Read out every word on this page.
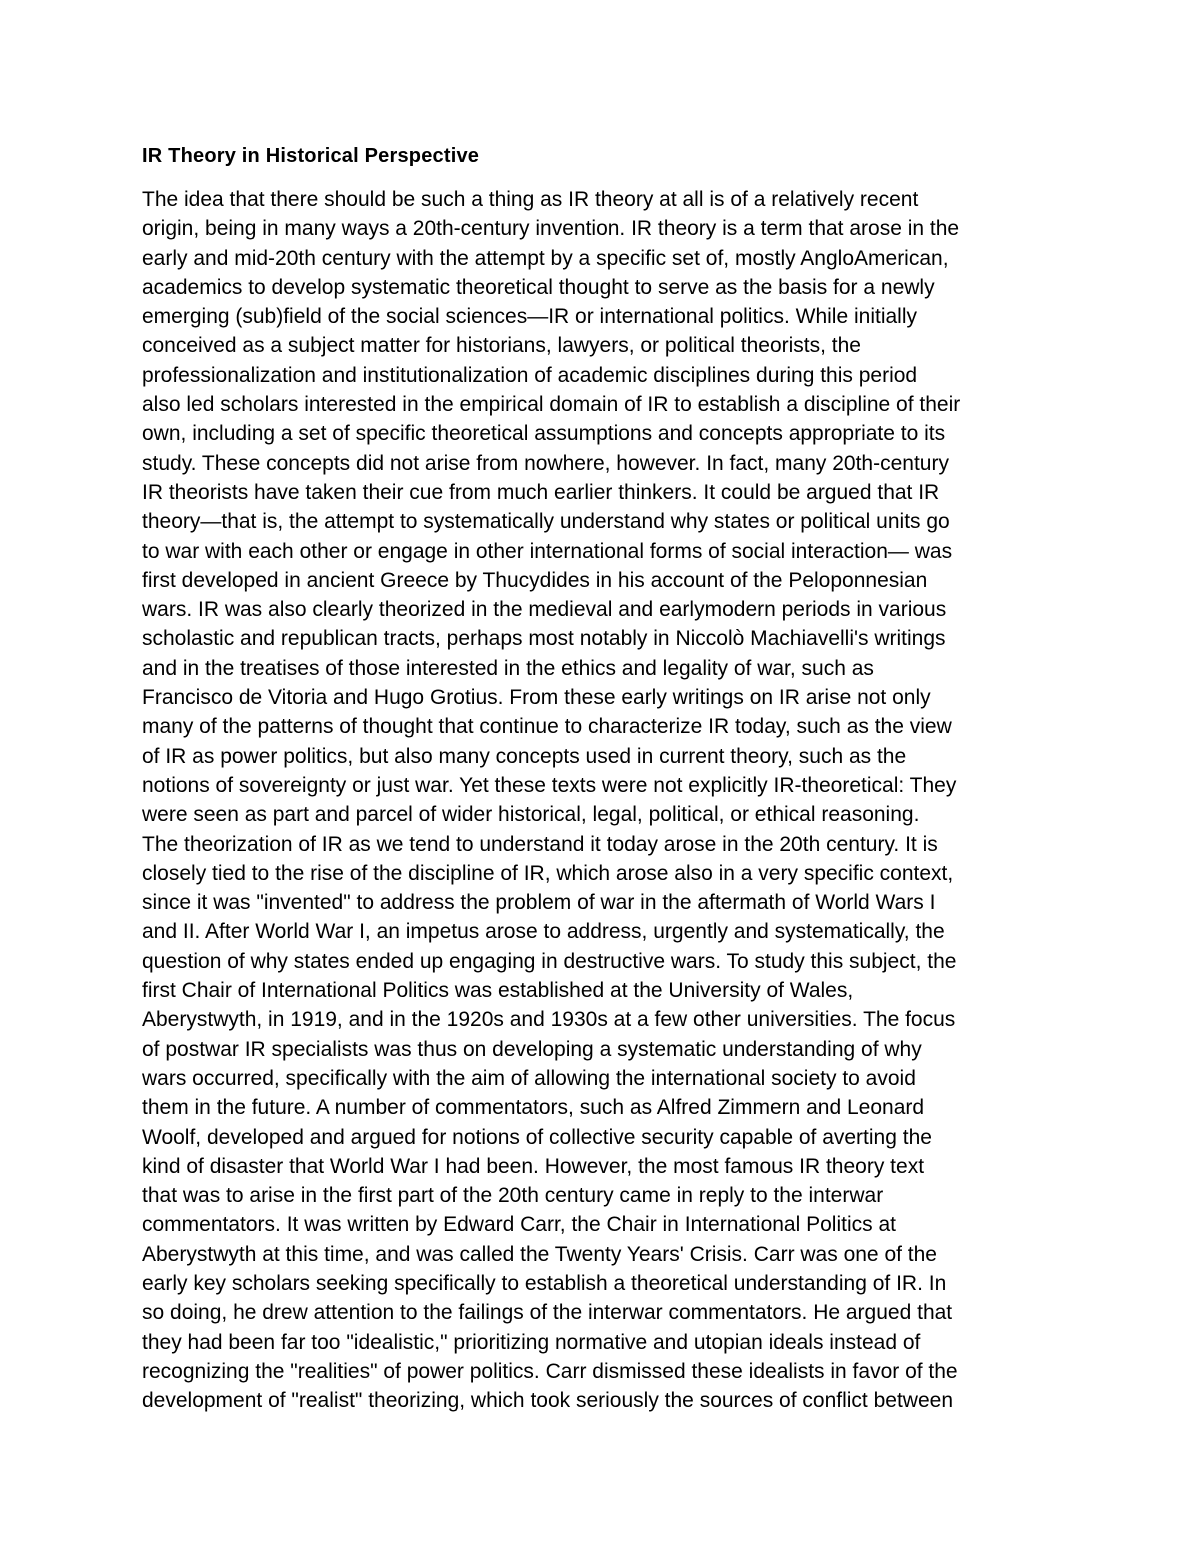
IR Theory in Historical Perspective

The idea that there should be such a thing as IR theory at all is of a relatively recent
origin, being in many ways a 20th-century invention. IR theory is a term that arose in the
early and mid-20th century with the attempt by a specific set of, mostly AngloAmerican,
academics to develop systematic theoretical thought to serve as the basis for a newly
emerging (sub)field of the social sciences—IR or international politics. While initially
conceived as a subject matter for historians, lawyers, or political theorists, the
professionalization and institutionalization of academic disciplines during this period
also led scholars interested in the empirical domain of IR to establish a discipline of their
own, including a set of specific theoretical assumptions and concepts appropriate to its
study. These concepts did not arise from nowhere, however. In fact, many 20th-century
IR theorists have taken their cue from much earlier thinkers. It could be argued that IR
theory—that is, the attempt to systematically understand why states or political units go
to war with each other or engage in other international forms of social interaction— was
first developed in ancient Greece by Thucydides in his account of the Peloponnesian
wars. IR was also clearly theorized in the medieval and earlymodern periods in various
scholastic and republican tracts, perhaps most notably in Niccolò Machiavelli's writings
and in the treatises of those interested in the ethics and legality of war, such as
Francisco de Vitoria and Hugo Grotius. From these early writings on IR arise not only
many of the patterns of thought that continue to characterize IR today, such as the view
of IR as power politics, but also many concepts used in current theory, such as the
notions of sovereignty or just war. Yet these texts were not explicitly IR-theoretical: They
were seen as part and parcel of wider historical, legal, political, or ethical reasoning.
The theorization of IR as we tend to understand it today arose in the 20th century. It is
closely tied to the rise of the discipline of IR, which arose also in a very specific context,
since it was "invented" to address the problem of war in the aftermath of World Wars I
and II. After World War I, an impetus arose to address, urgently and systematically, the
question of why states ended up engaging in destructive wars. To study this subject, the
first Chair of International Politics was established at the University of Wales,
Aberystwyth, in 1919, and in the 1920s and 1930s at a few other universities. The focus
of postwar IR specialists was thus on developing a systematic understanding of why
wars occurred, specifically with the aim of allowing the international society to avoid
them in the future. A number of commentators, such as Alfred Zimmern and Leonard
Woolf, developed and argued for notions of collective security capable of averting the
kind of disaster that World War I had been. However, the most famous IR theory text
that was to arise in the first part of the 20th century came in reply to the interwar
commentators. It was written by Edward Carr, the Chair in International Politics at
Aberystwyth at this time, and was called the Twenty Years' Crisis. Carr was one of the
early key scholars seeking specifically to establish a theoretical understanding of IR. In
so doing, he drew attention to the failings of the interwar commentators. He argued that
they had been far too "idealistic," prioritizing normative and utopian ideals instead of
recognizing the "realities" of power politics. Carr dismissed these idealists in favor of the
development of "realist" theorizing, which took seriously the sources of conflict between
